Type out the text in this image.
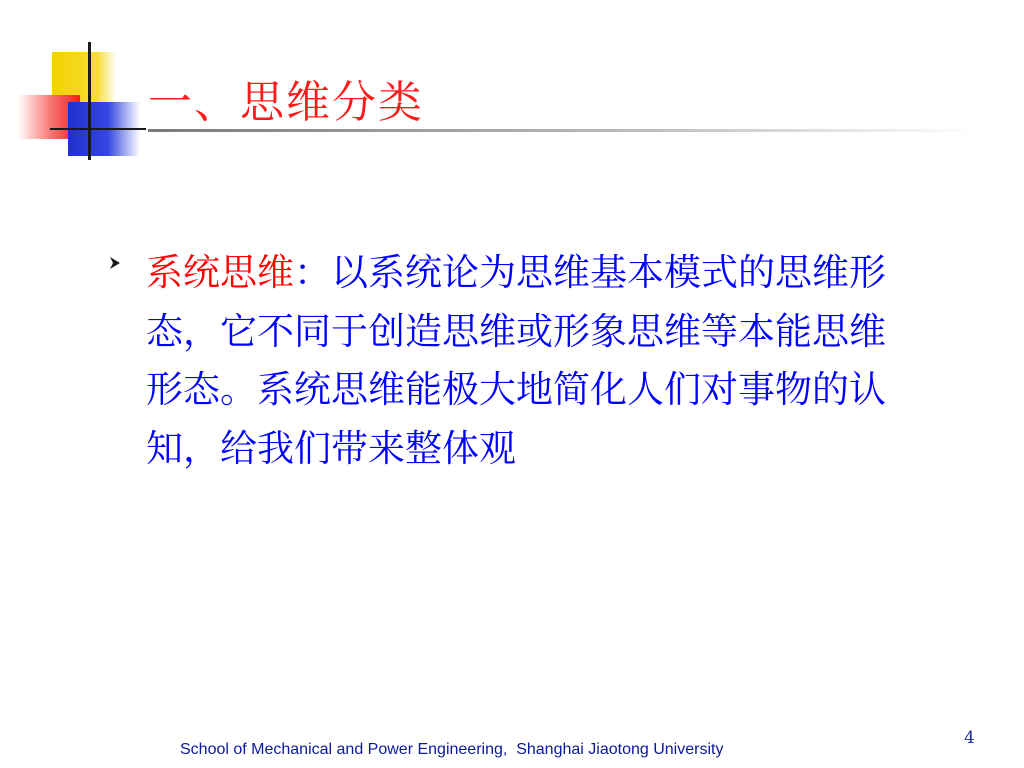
一、思维分类
系统思维：以系统论为思维基本模式的思维形态，它不同于创造思维或形象思维等本能思维形态。系统思维能极大地简化人们对事物的认知，给我们带来整体观
School of Mechanical and Power Engineering,  Shanghai Jiaotong University
4
